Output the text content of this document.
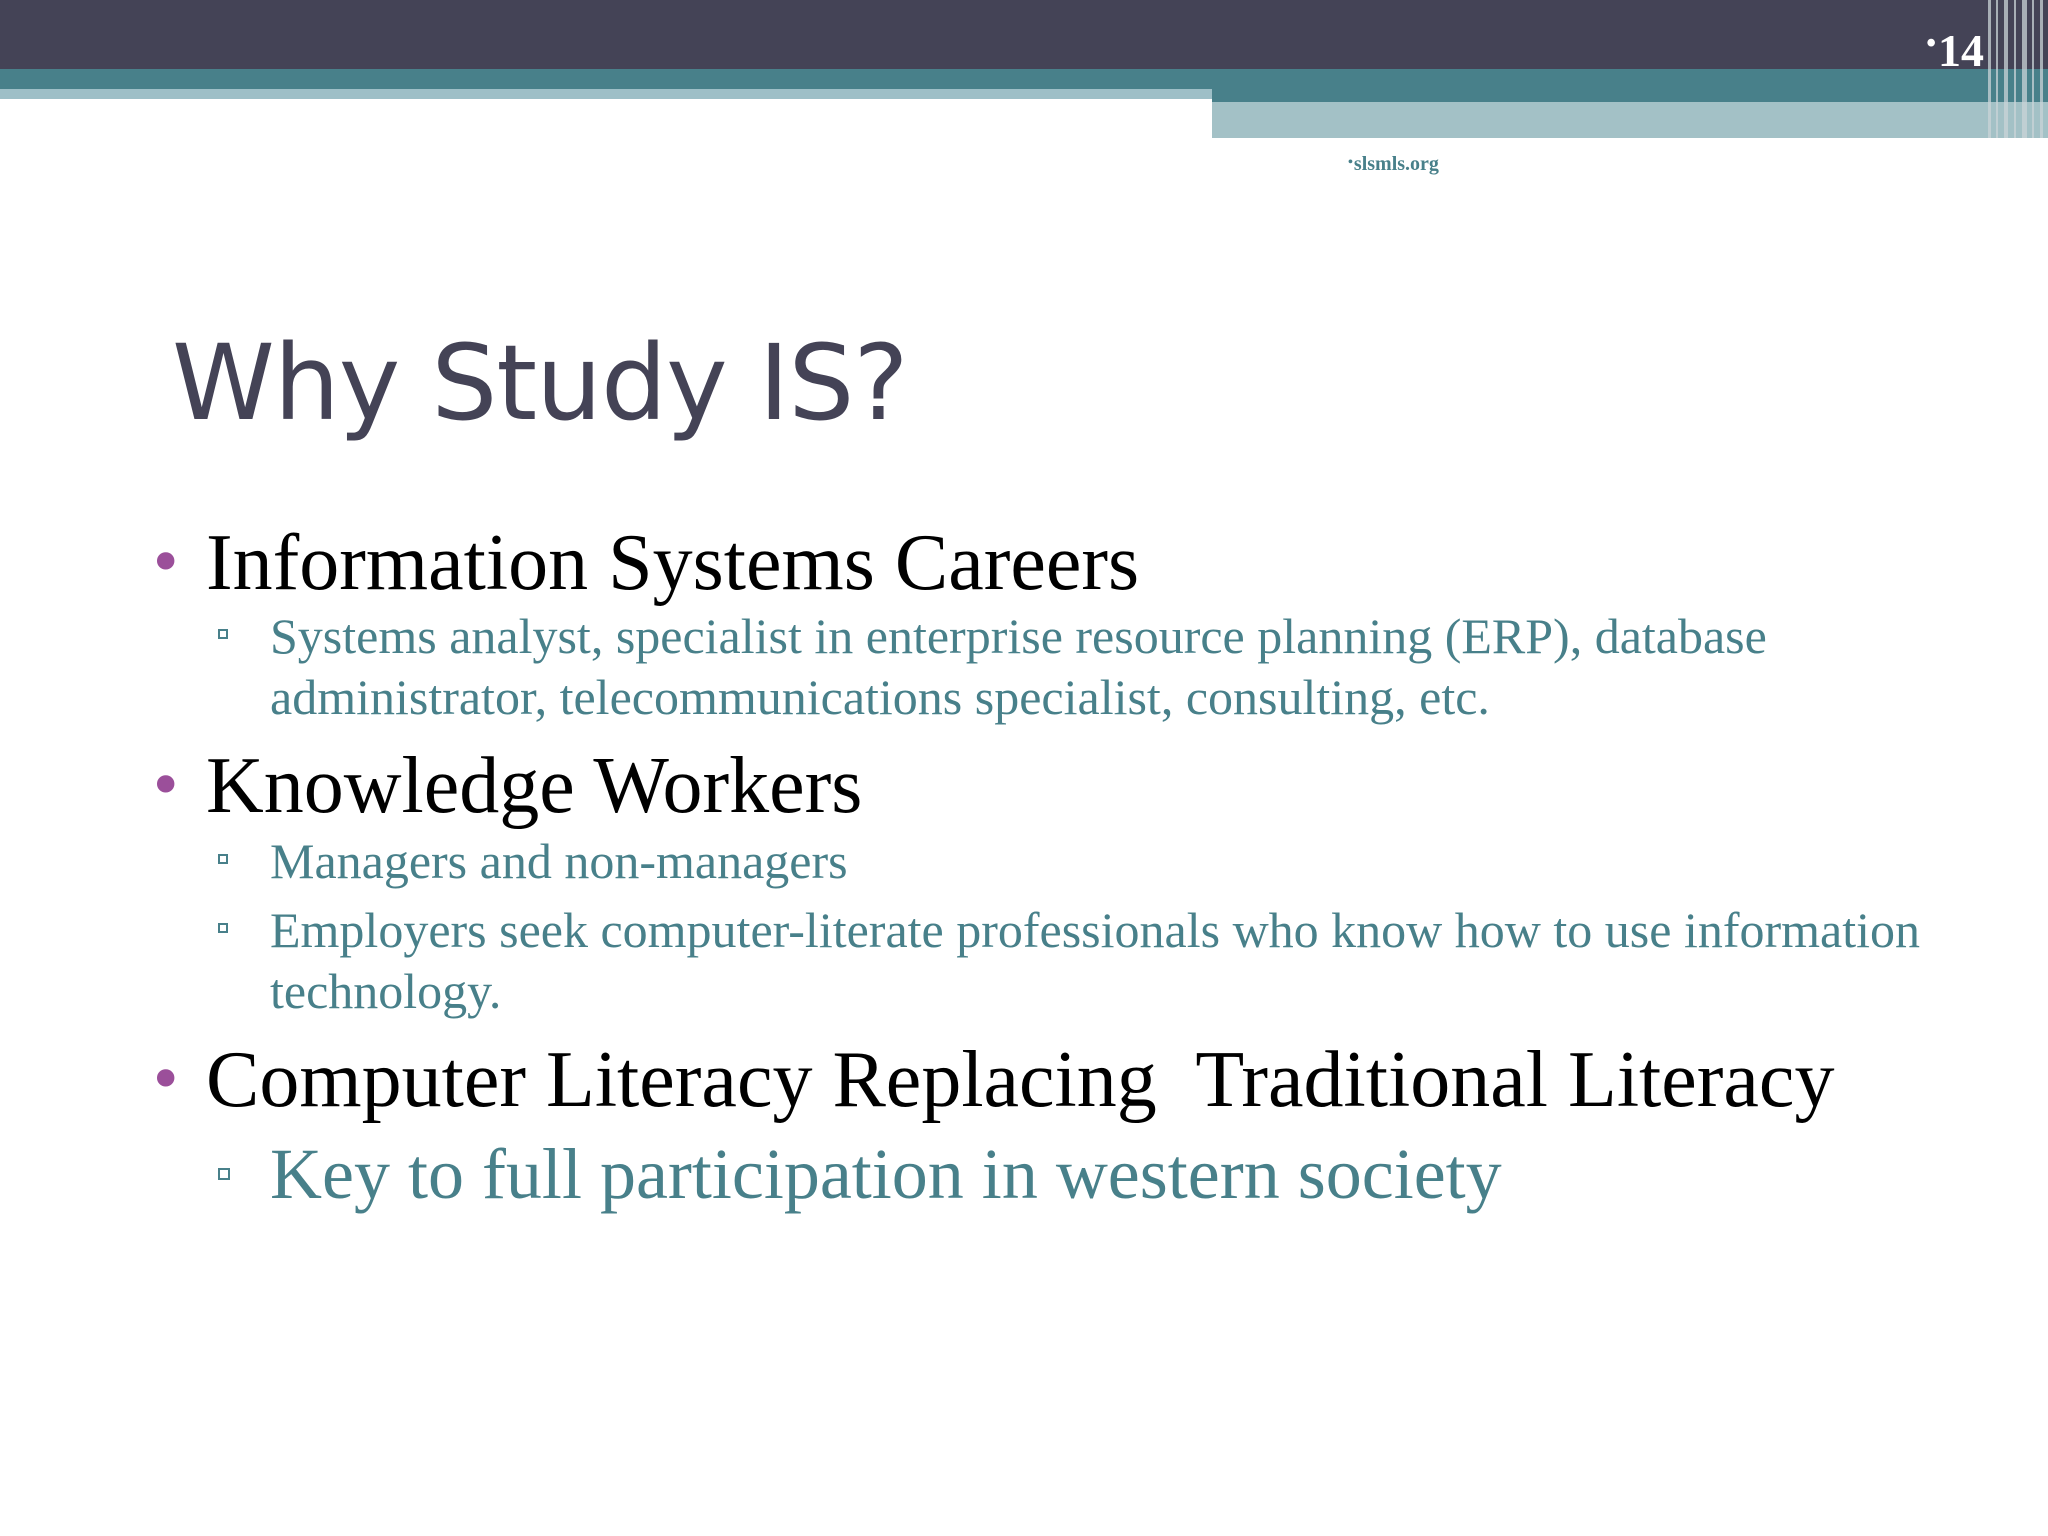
•14
•slsmls.org
Why Study IS?
• Information Systems Careers
Systems analyst, specialist in enterprise resource planning (ERP), database administrator, telecommunications specialist, consulting, etc.
• Knowledge Workers
Managers and non-managers
Employers seek computer-literate professionals who know how to use information technology.
• Computer Literacy Replacing  Traditional Literacy
Key to full participation in western society
